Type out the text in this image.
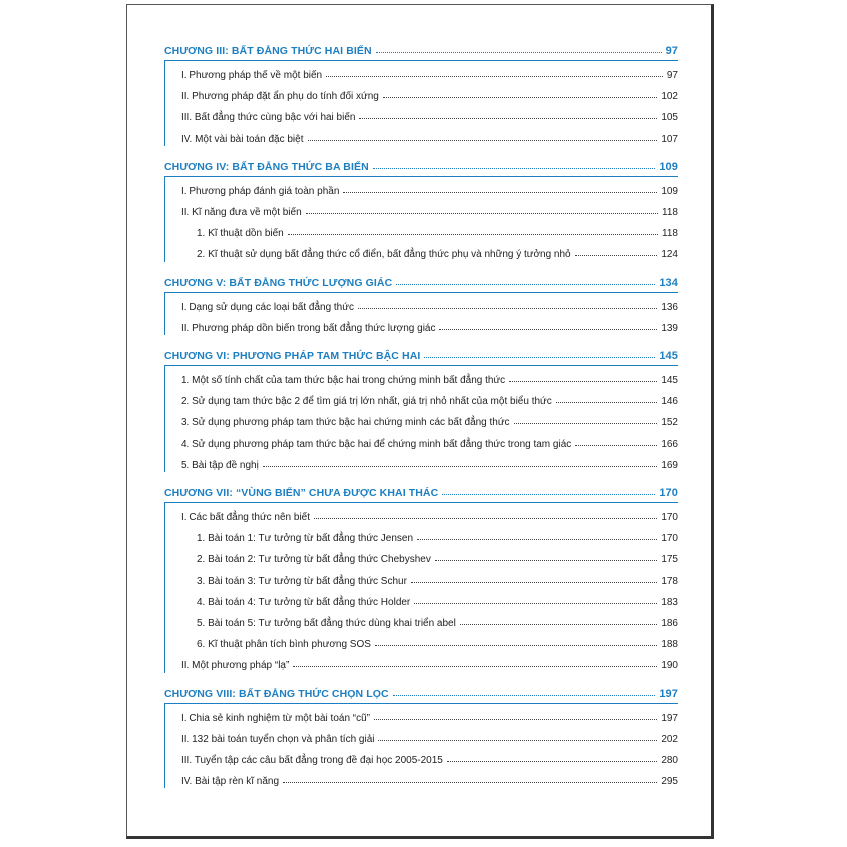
CHƯƠNG III: BẤT ĐẲNG THỨC HAI BIẾN	97
I. Phương pháp thế về một biến	97
II. Phương pháp đặt ẩn phụ do tính đối xứng	102
III. Bất đẳng thức cùng bậc với hai biến	105
IV. Một vài bài toán đặc biệt	107
CHƯƠNG IV: BẤT ĐẲNG THỨC BA BIẾN	109
I. Phương pháp đánh giá toàn phần	109
II. Kĩ năng đưa về một biến	118
1. Kĩ thuật dồn biến	118
2. Kĩ thuật sử dụng bất đẳng thức cổ điển, bất đẳng thức phụ và những ý tưởng nhỏ	124
CHƯƠNG V: BẤT ĐẲNG THỨC LƯỢNG GIÁC	134
I. Dạng sử dụng các loại bất đẳng thức	136
II. Phương pháp dồn biến trong bất đẳng thức lượng giác	139
CHƯƠNG VI: PHƯƠNG PHÁP TAM THỨC BẬC HAI	145
1. Một số tính chất của tam thức bậc hai trong chứng minh bất đẳng thức	145
2. Sử dụng tam thức bậc 2 để tìm giá trị lớn nhất, giá trị nhỏ nhất của một biểu thức	146
3. Sử dụng phương pháp tam thức bậc hai chứng minh các bất đẳng thức	152
4. Sử dụng phương pháp tam thức bậc hai để chứng minh bất đẳng thức trong tam giác	166
5. Bài tập đề nghị	169
CHƯƠNG VII: “VÙNG BIỂN” CHƯA ĐƯỢC KHAI THÁC	170
I. Các bất đẳng thức nên biết	170
1. Bài toán 1: Tư tưởng từ bất đẳng thức Jensen	170
2. Bài toán 2: Tư tưởng từ bất đẳng thức Chebyshev	175
3. Bài toán 3: Tư tưởng từ bất đẳng thức Schur	178
4. Bài toán 4: Tư tưởng từ bất đẳng thức Holder	183
5. Bài toán 5: Tư tưởng bất đẳng thức dùng khai triển abel	186
6. Kĩ thuật phân tích bình phương SOS	188
II. Một phương pháp “lạ”	190
CHƯƠNG VIII: BẤT ĐẲNG THỨC CHỌN LỌC	197
I. Chia sẻ kinh nghiệm từ một bài toán “cũ”	197
II. 132 bài toán tuyển chọn và phân tích giải	202
III. Tuyển tập các câu bất đẳng trong đề đại học 2005-2015	280
IV. Bài tập rèn kĩ năng	295
